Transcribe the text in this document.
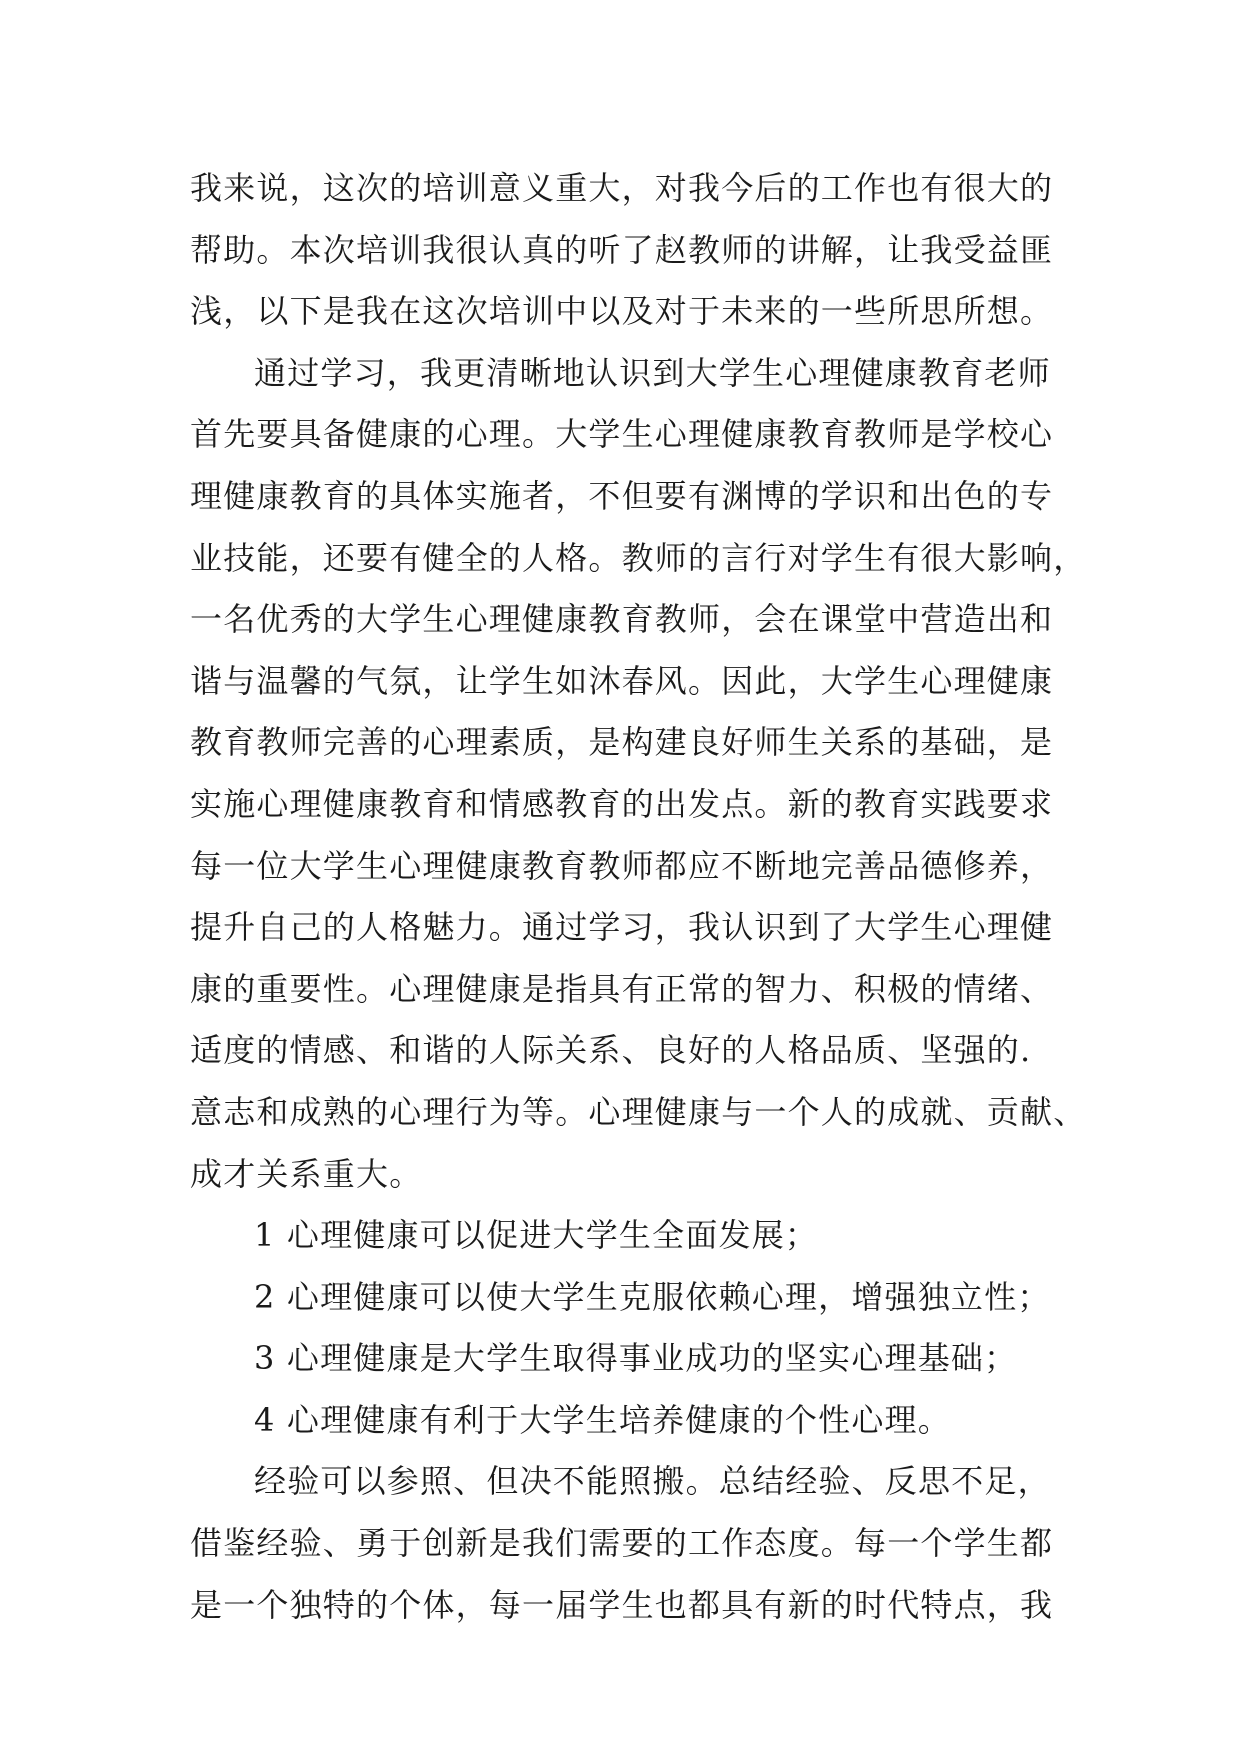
我来说，这次的培训意义重大，对我今后的工作也有很大的
帮助。本次培训我很认真的听了赵教师的讲解，让我受益匪
浅，以下是我在这次培训中以及对于未来的一些所思所想。
通过学习，我更清晰地认识到大学生心理健康教育老师
首先要具备健康的心理。大学生心理健康教育教师是学校心
理健康教育的具体实施者，不但要有渊博的学识和出色的专
业技能，还要有健全的人格。教师的言行对学生有很大影响，
一名优秀的大学生心理健康教育教师，会在课堂中营造出和
谐与温馨的气氛，让学生如沐春风。因此，大学生心理健康
教育教师完善的心理素质，是构建良好师生关系的基础，是
实施心理健康教育和情感教育的出发点。新的教育实践要求
每一位大学生心理健康教育教师都应不断地完善品德修养，
提升自己的人格魅力。通过学习，我认识到了大学生心理健
康的重要性。心理健康是指具有正常的智力、积极的情绪、
适度的情感、和谐的人际关系、良好的人格品质、坚强的.
意志和成熟的心理行为等。心理健康与一个人的成就、贡献、
成才关系重大。
1 心理健康可以促进大学生全面发展；
2 心理健康可以使大学生克服依赖心理，增强独立性；
3 心理健康是大学生取得事业成功的坚实心理基础；
4 心理健康有利于大学生培养健康的个性心理。
经验可以参照、但决不能照搬。总结经验、反思不足，
借鉴经验、勇于创新是我们需要的工作态度。每一个学生都
是一个独特的个体，每一届学生也都具有新的时代特点，我
